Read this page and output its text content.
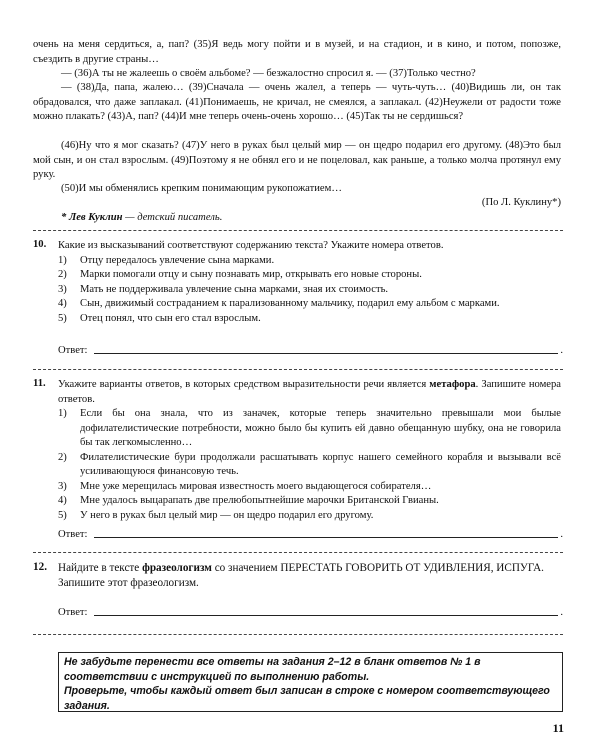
очень на меня сердиться, а, пап? (35)Я ведь могу пойти и в музей, и на стадион, и в кино, и потом, попозже, съездить в другие страны…
— (36)А ты не жалеешь о своём альбоме? — безжалостно спросил я. — (37)Только честно?
— (38)Да, папа, жалею… (39)Сначала — очень жалел, а теперь — чуть-чуть… (40)Видишь ли, он так обрадовался, что даже заплакал. (41)Понимаешь, не кричал, не смеялся, а заплакал. (42)Неужели от радости тоже можно плакать? (43)А, пап? (44)И мне теперь очень-очень хорошо… (45)Так ты не сердишься?
(46)Ну что я мог сказать? (47)У него в руках был целый мир — он щедро подарил его другому. (48)Это был мой сын, и он стал взрослым. (49)Поэтому я не обнял его и не поцеловал, как раньше, а только молча протянул ему руку.
(50)И мы обменялись крепким понимающим рукопожатием…
(По Л. Куклину*)
* Лев Куклин — детский писатель.
10. Какие из высказываний соответствуют содержанию текста? Укажите номера ответов.
1) Отцу передалось увлечение сына марками.
2) Марки помогали отцу и сыну познавать мир, открывать его новые стороны.
3) Мать не поддерживала увлечение сына марками, зная их стоимость.
4) Сын, движимый состраданием к парализованному мальчику, подарил ему альбом с марками.
5) Отец понял, что сын его стал взрослым.
Ответ:	.
11. Укажите варианты ответов, в которых средством выразительности речи является метафора. Запишите номера ответов.
1) Если бы она знала, что из заначек, которые теперь значительно превышали мои былые дофилателистические потребности, можно было бы купить ей давно обещанную шубку, она не говорила бы так легкомысленно…
2) Филателистические бури продолжали расшатывать корпус нашего семейного корабля и вызывали всё усиливающуюся финансовую течь.
3) Мне уже мерещилась мировая известность моего выдающегося собирателя…
4) Мне удалось выцарапать две прелюбопытнейшие марочки Британской Гвианы.
5) У него в руках был целый мир — он щедро подарил его другому.
Ответ:	.
12. Найдите в тексте фразеологизм со значением ПЕРЕСТАТЬ ГОВОРИТЬ ОТ УДИВЛЕНИЯ, ИСПУГА.
Запишите этот фразеологизм.
Ответ:	.
Не забудьте перенести все ответы на задания 2–12 в бланк ответов № 1 в соответствии с инструкцией по выполнению работы.
Проверьте, чтобы каждый ответ был записан в строке с номером соответствующего задания.
11
